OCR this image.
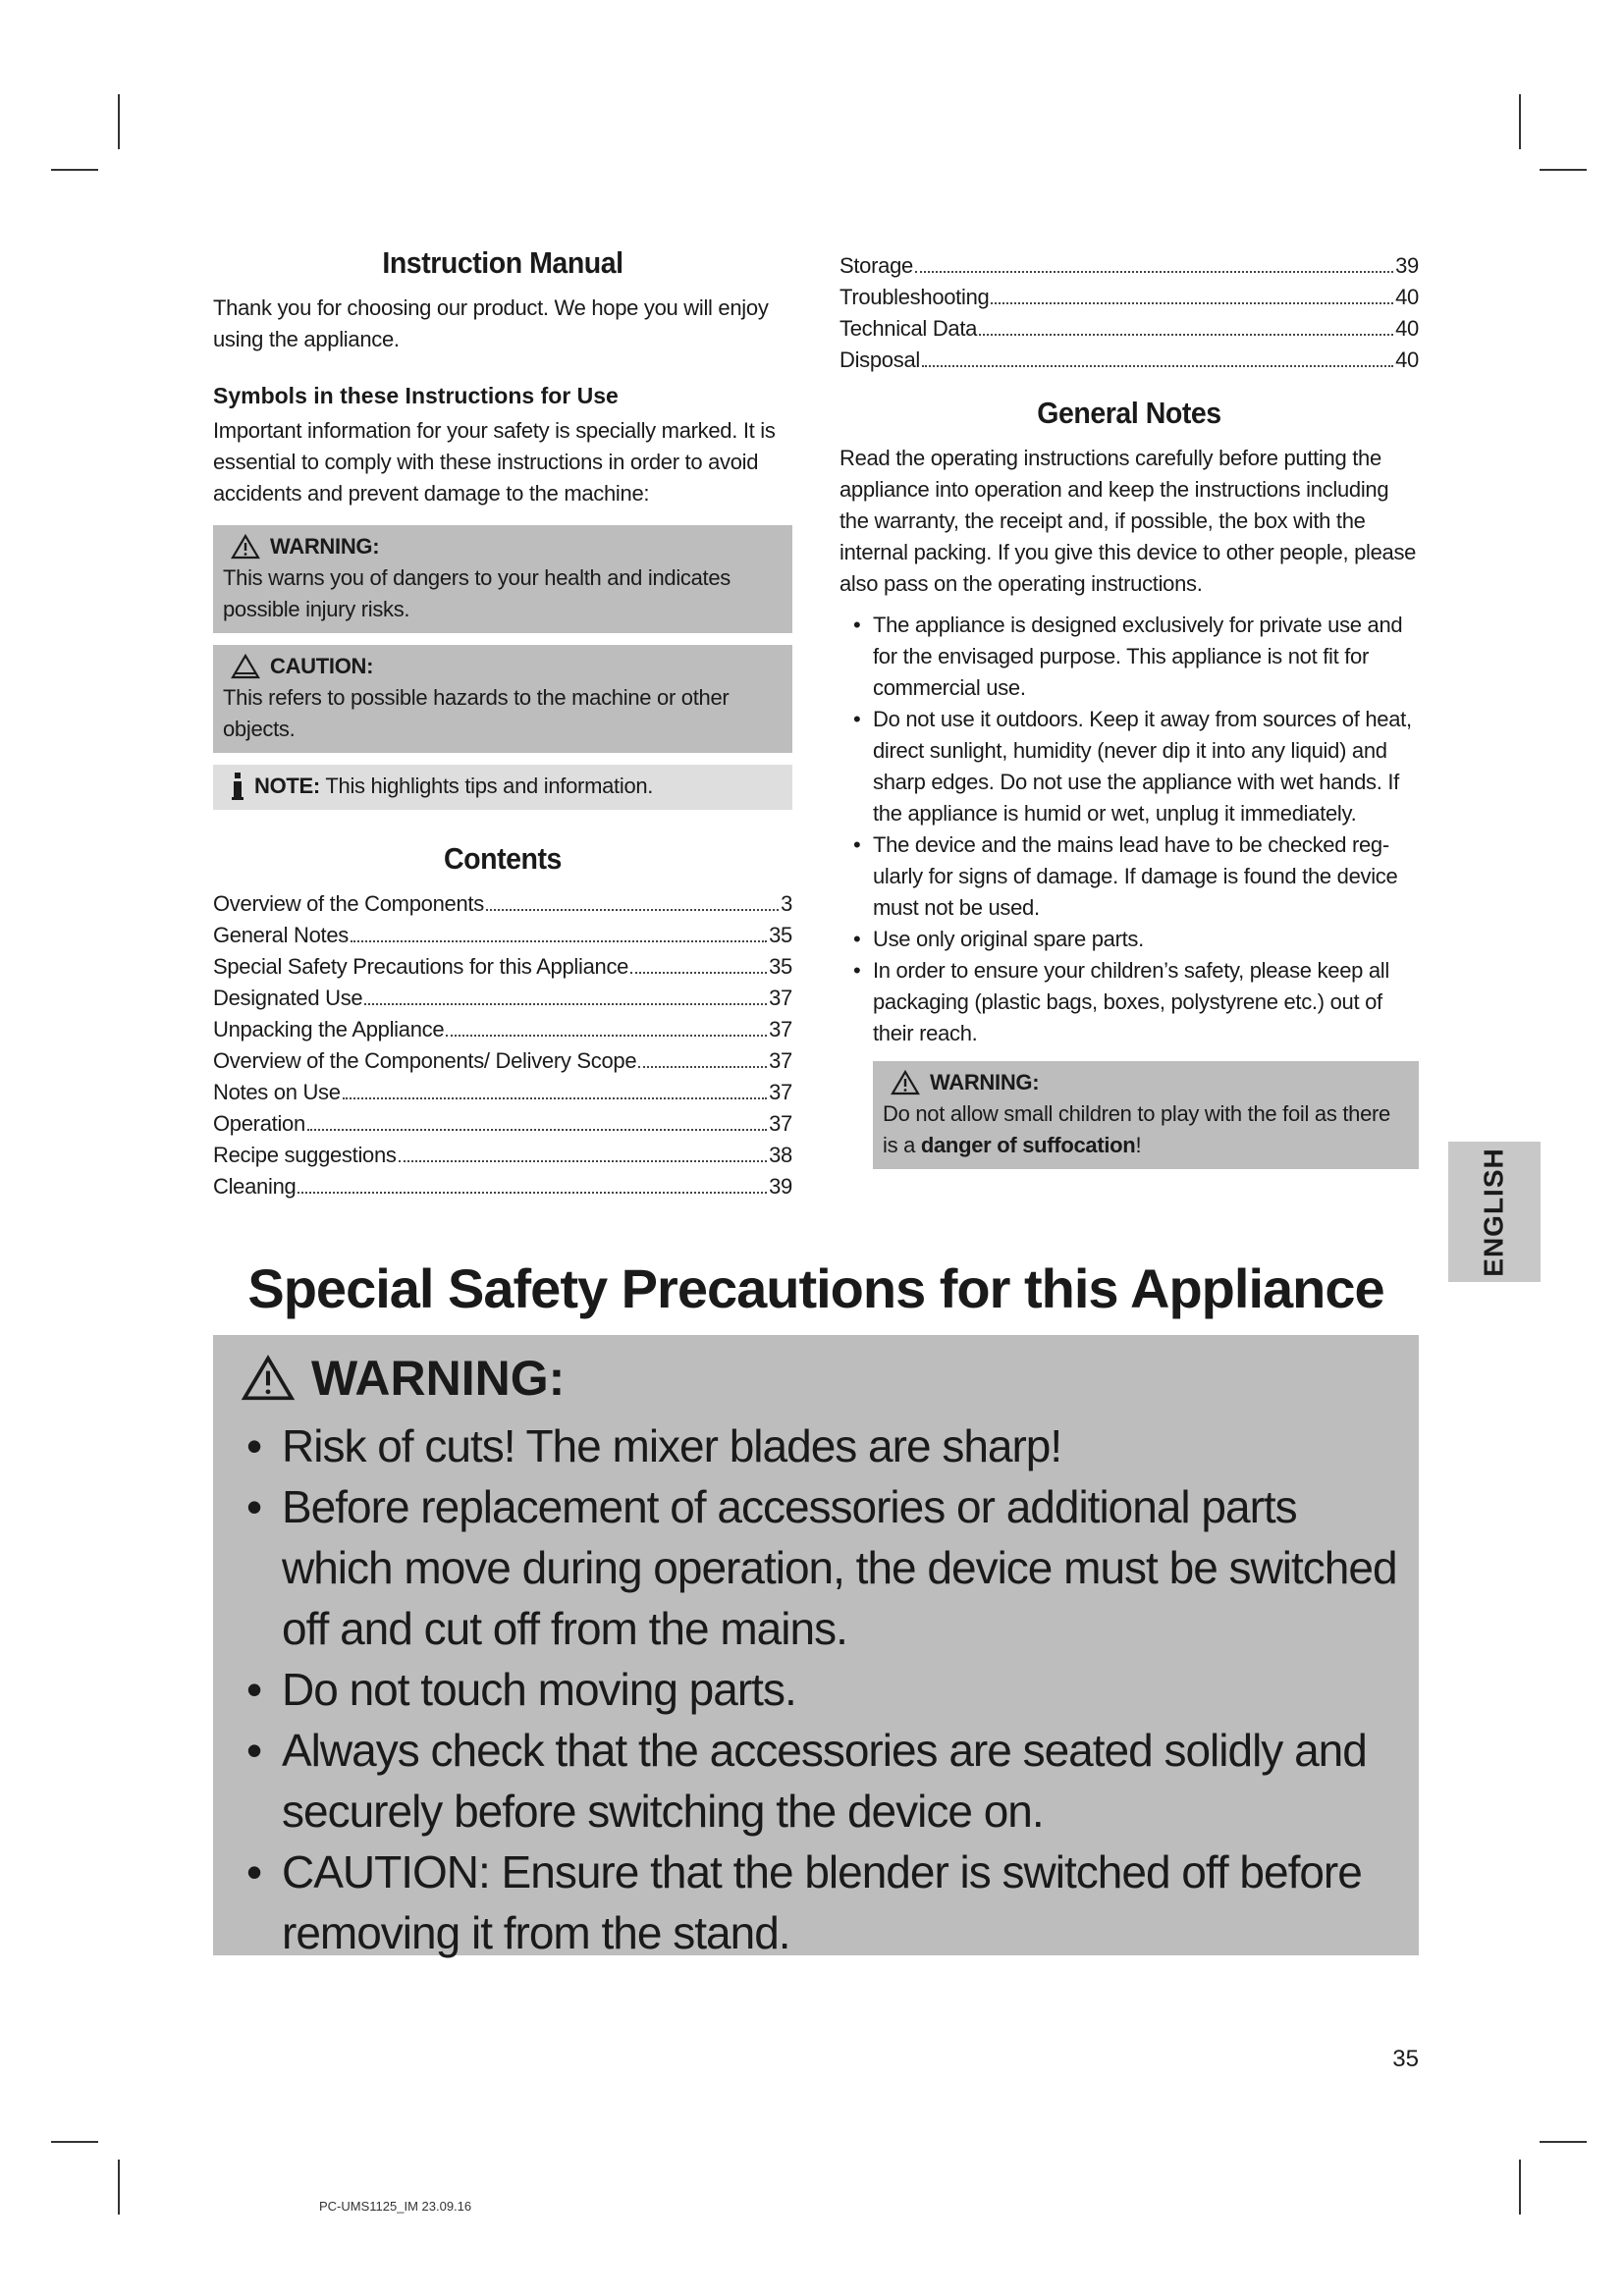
Instruction Manual

Thank you for choosing our product. We hope you will enjoy using the appliance.

Symbols in these Instructions for Use

Important information for your safety is specially marked. It is essential to comply with these instructions in order to avoid accidents and prevent damage to the machine:

WARNING:
This warns you of dangers to your health and indicates possible injury risks.
CAUTION:
This refers to possible hazards to the machine or other objects.
NOTE: This highlights tips and information.
Contents
Overview of the Components	3
General Notes	35
Special Safety Precautions for this Appliance	35
Designated Use	37
Unpacking the Appliance	37
Overview of the Components/ Delivery Scope	37
Notes on Use	37
Operation	37
Recipe suggestions	38
Cleaning	39
Storage	39
Troubleshooting	40
Technical Data	40
Disposal	40
General Notes

Read the operating instructions carefully before putting the appliance into operation and keep the instructions including the warranty, the receipt and, if possible, the box with the internal packing. If you give this device to other people, please also pass on the operating instructions.

• The appliance is designed exclusively for private use and for the envisaged purpose. This appliance is not fit for commercial use.
• Do not use it outdoors. Keep it away from sources of heat, direct sunlight, humidity (never dip it into any liquid) and sharp edges. Do not use the appliance with wet hands. If the appliance is humid or wet, unplug it immediately.
• The device and the mains lead have to be checked reg-ularly for signs of damage. If damage is found the device must not be used.
• Use only original spare parts.
• In order to ensure your children’s safety, please keep all packaging (plastic bags, boxes, polystyrene etc.) out of their reach.
WARNING:
Do not allow small children to play with the foil as there is a danger of suffocation!
ENGLISH
Special Safety Precautions for this Appliance
WARNING:
• Risk of cuts! The mixer blades are sharp!
• Before replacement of accessories or additional parts which move during operation, the device must be switched off and cut off from the mains.
• Do not touch moving parts.
• Always check that the accessories are seated solidly and securely before switching the device on.
• CAUTION: Ensure that the blender is switched off before removing it from the stand.
35
PC-UMS1125_IM 23.09.16
